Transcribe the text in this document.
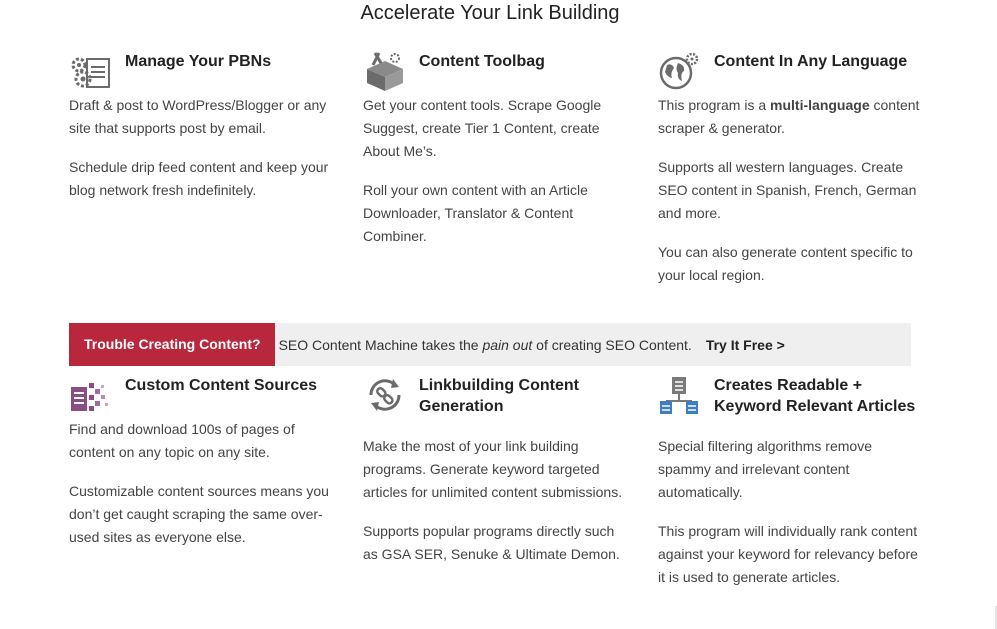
Accelerate Your Link Building
Manage Your PBNs

Draft & post to WordPress/Blogger or any site that supports post by email.

Schedule drip feed content and keep your blog network fresh indefinitely.

Content Toolbag

Get your content tools. Scrape Google Suggest, create Tier 1 Content, create About Me’s.

Roll your own content with an Article Downloader, Translator & Content Combiner.

Content In Any Language

This program is a multi-language content scraper & generator.

Supports all western languages. Create SEO content in Spanish, French, German and more.

You can also generate content specific to your local region.

Trouble Creating Content?	SEO Content Machine takes the pain out of creating SEO Content. Try It Free >
Custom Content Sources

Find and download 100s of pages of content on any topic on any site.

Customizable content sources means you don’t get caught scraping the same over-used sites as everyone else.

Linkbuilding Content Generation

Make the most of your link building programs. Generate keyword targeted articles for unlimited content submissions.

Supports popular programs directly such as GSA SER, Senuke & Ultimate Demon.

Creates Readable + Keyword Relevant Articles

Special filtering algorithms remove spammy and irrelevant content automatically.

This program will individually rank content against your keyword for relevancy before it is used to generate articles.
